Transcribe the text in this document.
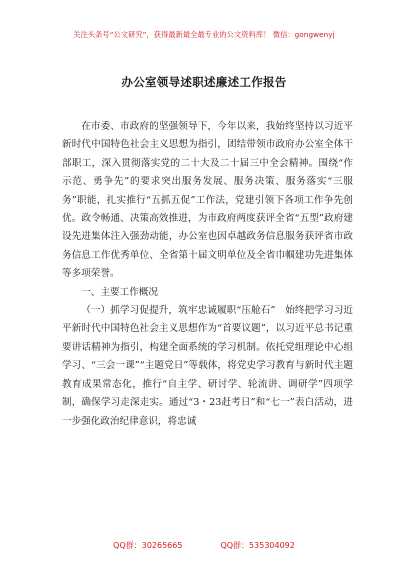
关注头条号“公文研究”，获得最新最全最专业的公文资料库！ 微信：gongwenyj
办公室领导述职述廉述工作报告

在市委、市政府的坚强领导下，今年以来，我始终坚持以习近平新时代中国特色社会主义思想为指引，团结带领市政府办公室全体干部职工，深入贯彻落实党的二十大及二十届三中全会精神。围绕“作示范、勇争先”的要求突出服务发展、服务决策、服务落实“三服务”职能，扎实推行“五抓五促”工作法，党建引领下各项工作争先创优。政令畅通、决策高效推进，为市政府两度获评全省“五型”政府建设先进集体注入强劲动能，办公室也因卓越政务信息服务获评省市政务信息工作优秀单位、全省第十届文明单位及全省巾帼建功先进集体等多项荣誉。

一、主要工作概况

（一）抓学习促提升，筑牢忠诚履职“压舱石”　始终把学习习近平新时代中国特色社会主义思想作为“首要议题”，以习近平总书记重要讲话精神为指引，构建全面系统的学习机制。依托党组理论中心组学习、“三会一课”“主题党日”等载体，将党史学习教育与新时代主题教育成果常态化，推行“自主学、研讨学、轮流讲、调研学”四项学制，确保学习走深走实。通过“3・23赶考日”和“七一”表白活动，进一步强化政治纪律意识，将忠诚

QQ群：30265665	QQ群：535304092
